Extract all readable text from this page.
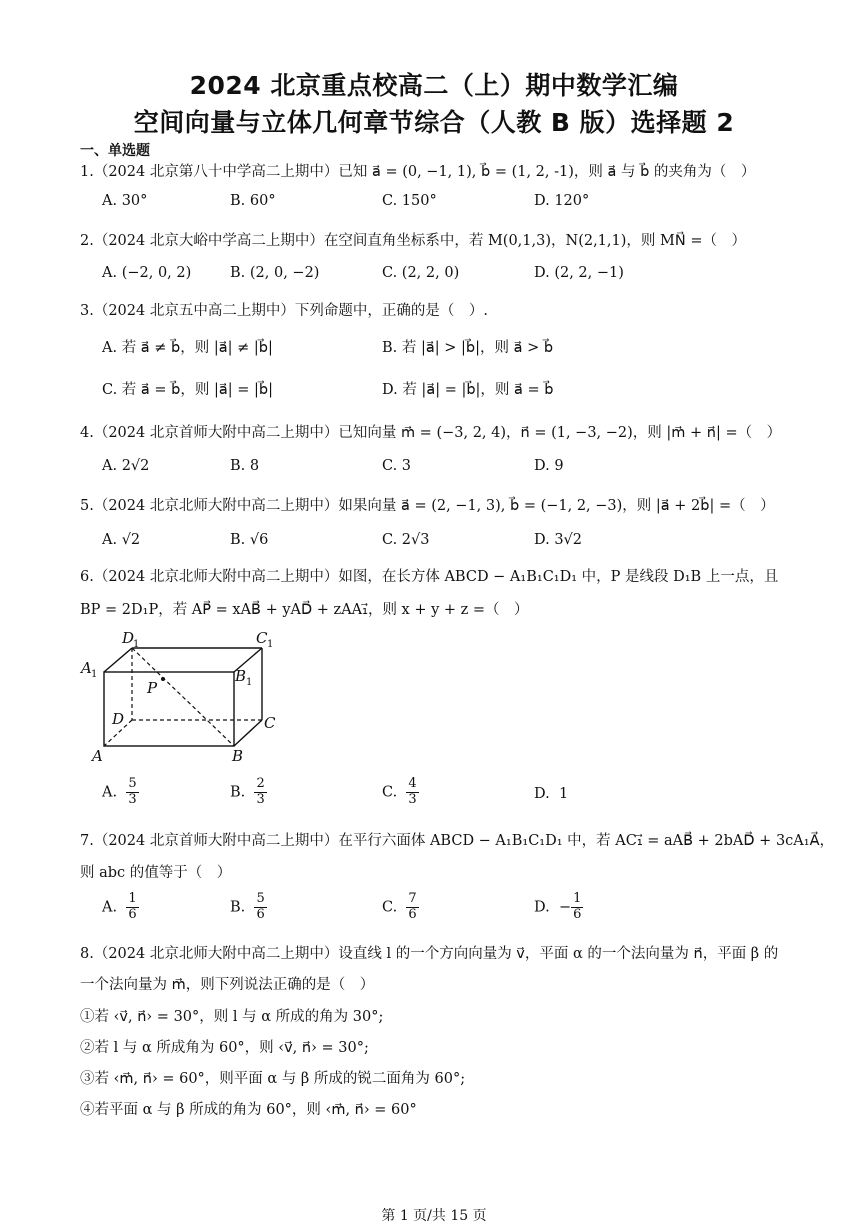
2024 北京重点校高二（上）期中数学汇编
空间向量与立体几何章节综合（人教 B 版）选择题 2
一、单选题
1.（2024 北京第八十中学高二上期中）已知 a⃗ = (0, −1, 1), b⃗ = (1, 2, -1)，则 a⃗ 与 b⃗ 的夹角为（　）
A. 30°	B. 60°	C. 150°	D. 120°
2.（2024 北京大峪中学高二上期中）在空间直角坐标系中，若 M(0,1,3)，N(2,1,1)，则 MN⃗ =（　）
A. (−2, 0, 2)	B. (2, 0, −2)	C. (2, 2, 0)	D. (2, 2, −1)
3.（2024 北京五中高二上期中）下列命题中，正确的是（　）.
A. 若 a⃗ ≠ b⃗，则 |a⃗| ≠ |b⃗|	B. 若 |a⃗| > |b⃗|，则 a⃗ > b⃗
C. 若 a⃗ = b⃗，则 |a⃗| = |b⃗|	D. 若 |a⃗| = |b⃗|，则 a⃗ = b⃗
4.（2024 北京首师大附中高二上期中）已知向量 m⃗ = (−3, 2, 4)，n⃗ = (1, −3, −2)，则 |m⃗ + n⃗| =（　）
A. 2√2	B. 8	C. 3	D. 9
5.（2024 北京北师大附中高二上期中）如果向量 a⃗ = (2, −1, 3), b⃗ = (−1, 2, −3)，则 |a⃗ + 2b⃗| =（　）
A. √2	B. √6	C. 2√3	D. 3√2
6.（2024 北京北师大附中高二上期中）如图，在长方体 ABCD − A₁B₁C₁D₁ 中，P 是线段 D₁B 上一点，且
BP = 2D₁P，若 AP⃗ = xAB⃗ + yAD⃗ + zAA₁⃗，则 x + y + z =（　）
D
1	C 1
A 1	B 1
P
D	C
A	B
A. $\frac{5}{3}$	B. $\frac{2}{3}$	C. $\frac{4}{3}$	D. 1
7.（2024 北京首师大附中高二上期中）在平行六面体 ABCD − A₁B₁C₁D₁ 中，若 AC₁⃗ = aAB⃗ + 2bAD⃗ + 3cA₁A⃗，
则 abc 的值等于（　）
A. $\frac{1}{6}$	B. $\frac{5}{6}$	C. $\frac{7}{6}$	D. − $\frac{1}{6}$
8.（2024 北京北师大附中高二上期中）设直线 l 的一个方向向量为 v⃗，平面 α 的一个法向量为 n⃗，平面 β 的
一个法向量为 m⃗，则下列说法正确的是（　）
①若 ‹v⃗, n⃗› = 30°，则 l 与 α 所成的角为 30°;
②若 l 与 α 所成角为 60°，则 ‹v⃗, n⃗› = 30°;
③若 ‹m⃗, n⃗› = 60°，则平面 α 与 β 所成的锐二面角为 60°;
④若平面 α 与 β 所成的角为 60°，则 ‹m⃗, n⃗› = 60°
第 1 页/共 15 页
